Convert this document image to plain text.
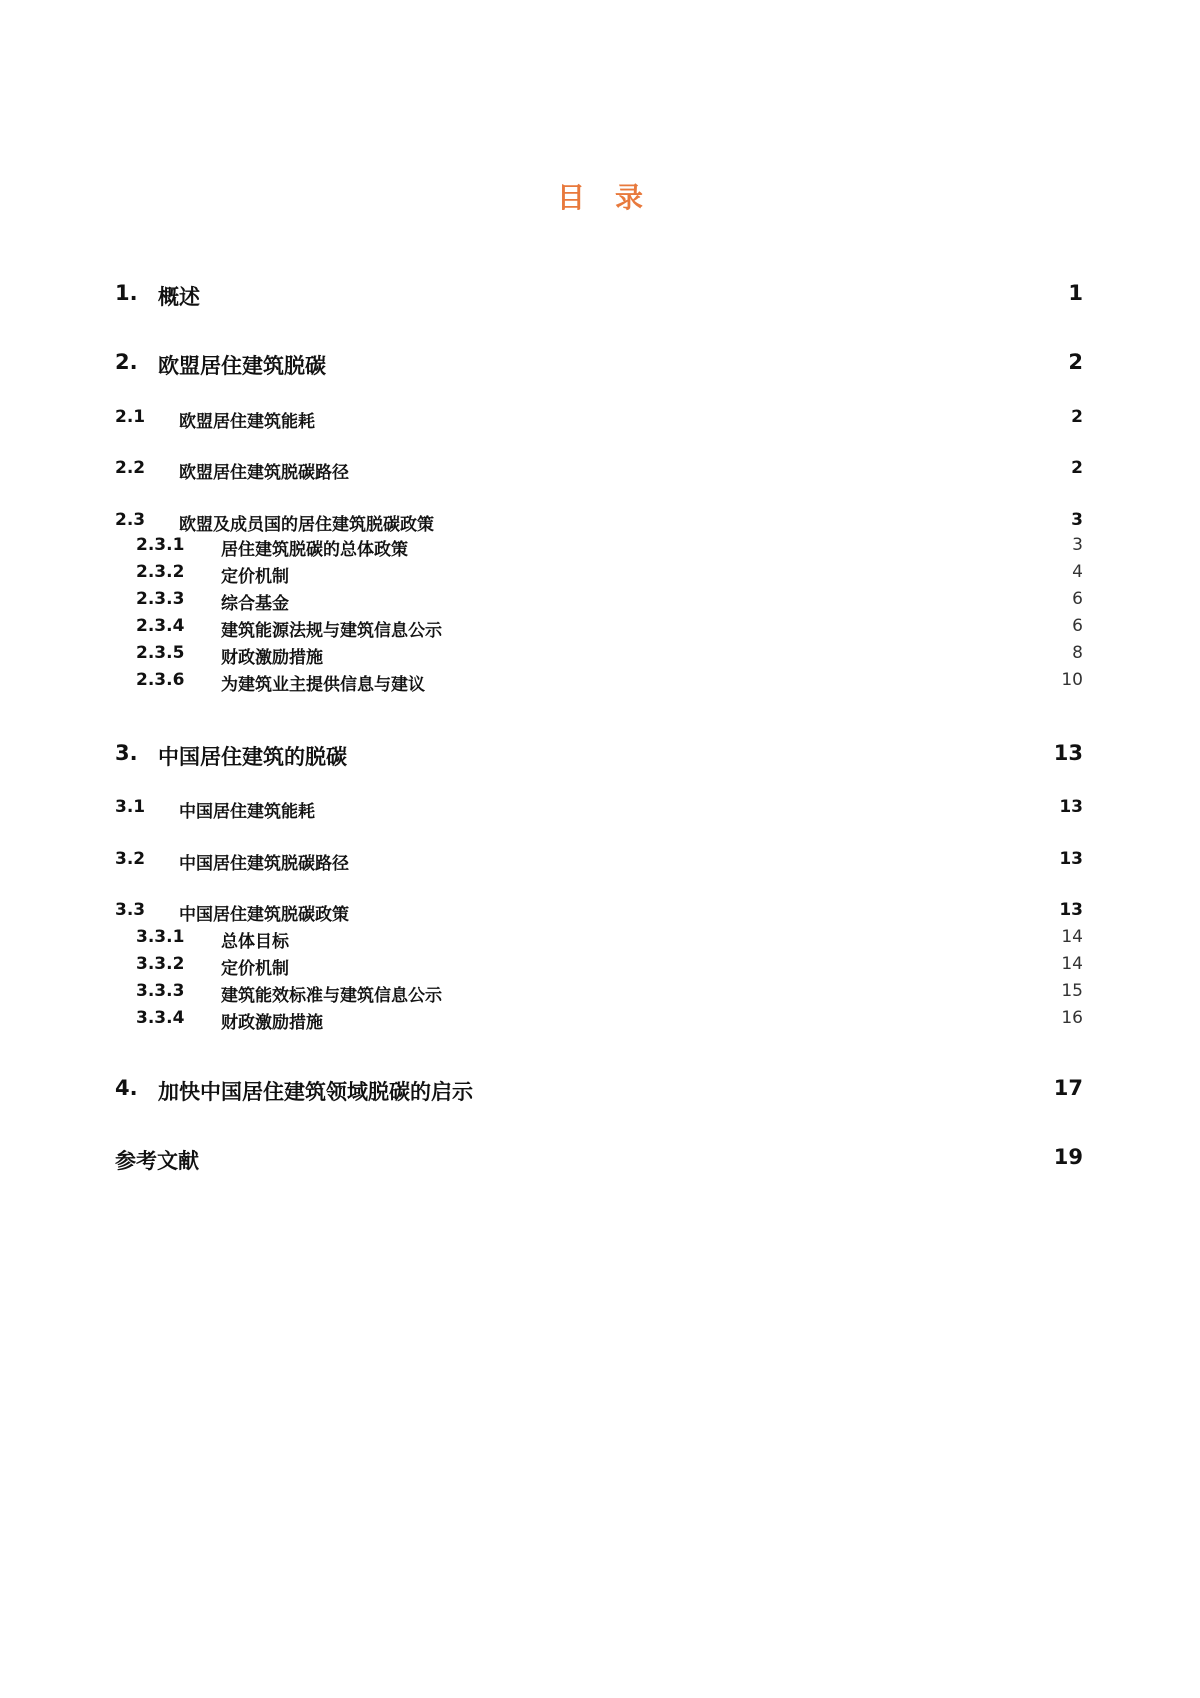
目录
1. 概述	1
2. 欧盟居住建筑脱碳	2
2.1 欧盟居住建筑能耗	2
2.2 欧盟居住建筑脱碳路径	2
2.3 欧盟及成员国的居住建筑脱碳政策	3
2.3.1 居住建筑脱碳的总体政策	3
2.3.2 定价机制	4
2.3.3 综合基金	6
2.3.4 建筑能源法规与建筑信息公示	6
2.3.5 财政激励措施	8
2.3.6 为建筑业主提供信息与建议	10
3. 中国居住建筑的脱碳	13
3.1 中国居住建筑能耗	13
3.2 中国居住建筑脱碳路径	13
3.3 中国居住建筑脱碳政策	13
3.3.1 总体目标	14
3.3.2 定价机制	14
3.3.3 建筑能效标准与建筑信息公示	15
3.3.4 财政激励措施	16
4. 加快中国居住建筑领域脱碳的启示	17
参考文献	19
